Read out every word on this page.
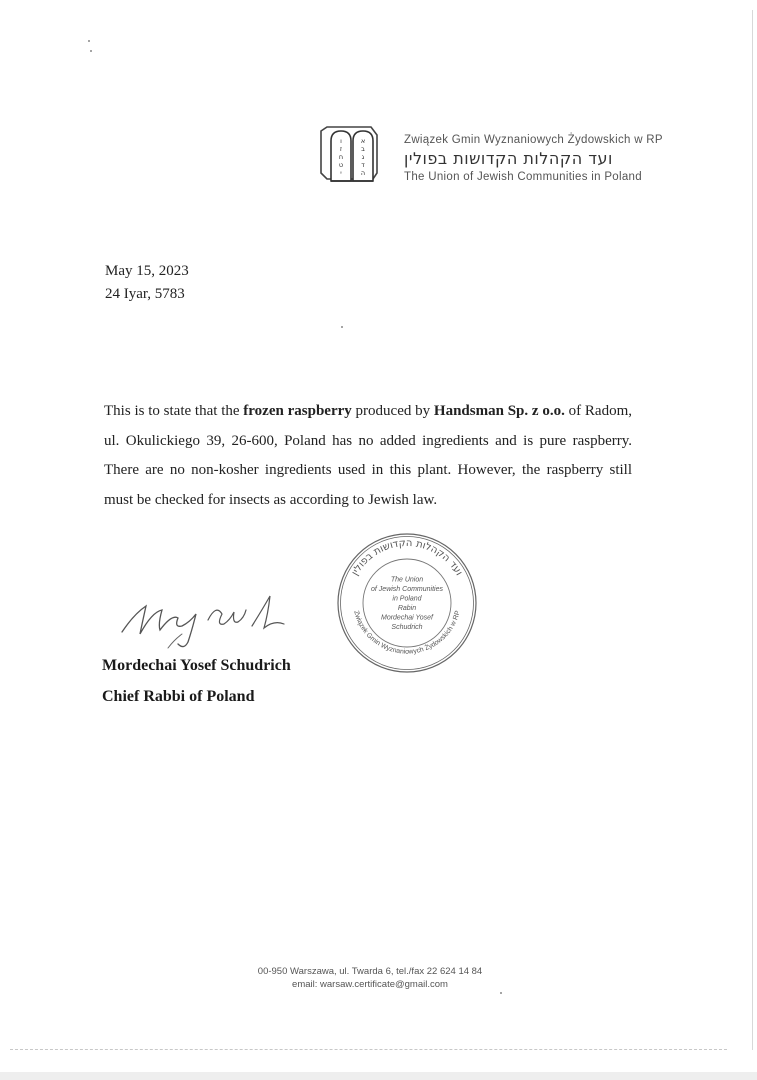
ו ז ח ט י
א ב ג ד ה
Związek Gmin Wyznaniowych Żydowskich w RP
ועד הקהלות הקדושות בפולין
The Union of Jewish Communities in Poland
May 15, 2023
24 Iyar, 5783
This is to state that the frozen raspberry produced by Handsman Sp. z o.o. of Radom, ul. Okulickiego 39, 26-600, Poland has no added ingredients and is pure raspberry. There are no non-kosher ingredients used in this plant. However, the raspberry still must be checked for insects as according to Jewish law.
ועד הקהלות הקדושות בפולין
Związek Gmin Wyznaniowych Żydowskich w RP
The Union
of Jewish Communities
in Poland
Rabin
Mordechai Yosef
Schudrich
Mordechai Yosef Schudrich
Chief Rabbi of Poland
00-950 Warszawa, ul. Twarda 6, tel./fax 22 624 14 84
email: warsaw.certificate@gmail.com
